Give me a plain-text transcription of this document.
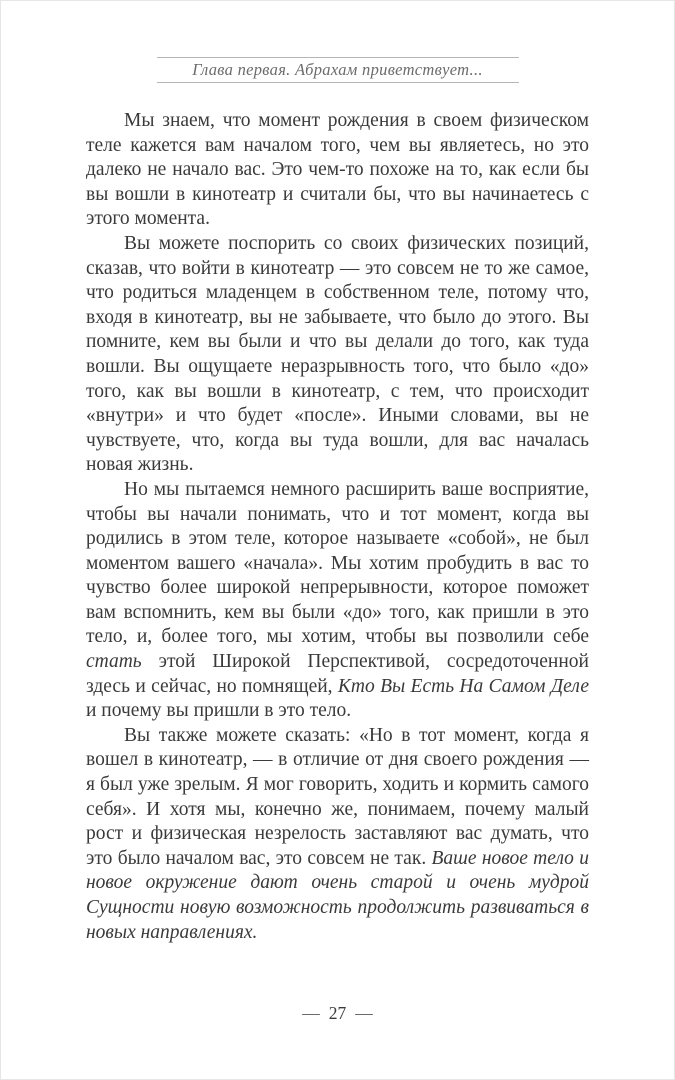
Глава первая. Абрахам приветствует...

Мы знаем, что момент рождения в своем физическом теле кажется вам началом того, чем вы являетесь, но это далеко не начало вас. Это чем-то похоже на то, как если бы вы вошли в кинотеатр и считали бы, что вы начинаетесь с этого момента.

Вы можете поспорить со своих физических позиций, сказав, что войти в кинотеатр — это совсем не то же самое, что родиться младенцем в собственном теле, потому что, входя в кинотеатр, вы не забываете, что было до этого. Вы помните, кем вы были и что вы делали до того, как туда вошли. Вы ощущаете неразрывность того, что было «до» того, как вы вошли в кинотеатр, с тем, что происходит «внутри» и что будет «после». Иными словами, вы не чувствуете, что, когда вы туда вошли, для вас началась новая жизнь.

Но мы пытаемся немного расширить ваше восприятие, чтобы вы начали понимать, что и тот момент, когда вы родились в этом теле, которое называете «собой», не был моментом вашего «начала». Мы хотим пробудить в вас то чувство более широкой непрерывности, которое поможет вам вспомнить, кем вы были «до» того, как пришли в это тело, и, более того, мы хотим, чтобы вы позволили себе стать этой Широкой Перспективой, сосредоточенной здесь и сейчас, но помнящей, Кто Вы Есть На Самом Деле и почему вы пришли в это тело.

Вы также можете сказать: «Но в тот момент, когда я вошел в кинотеатр, — в отличие от дня своего рождения — я был уже зрелым. Я мог говорить, ходить и кормить самого себя». И хотя мы, конечно же, понимаем, почему малый рост и физическая незрелость заставляют вас думать, что это было началом вас, это совсем не так. Ваше новое тело и новое окружение дают очень старой и очень мудрой Сущности новую возможность продолжить развиваться в новых направлениях.

— 27 —
